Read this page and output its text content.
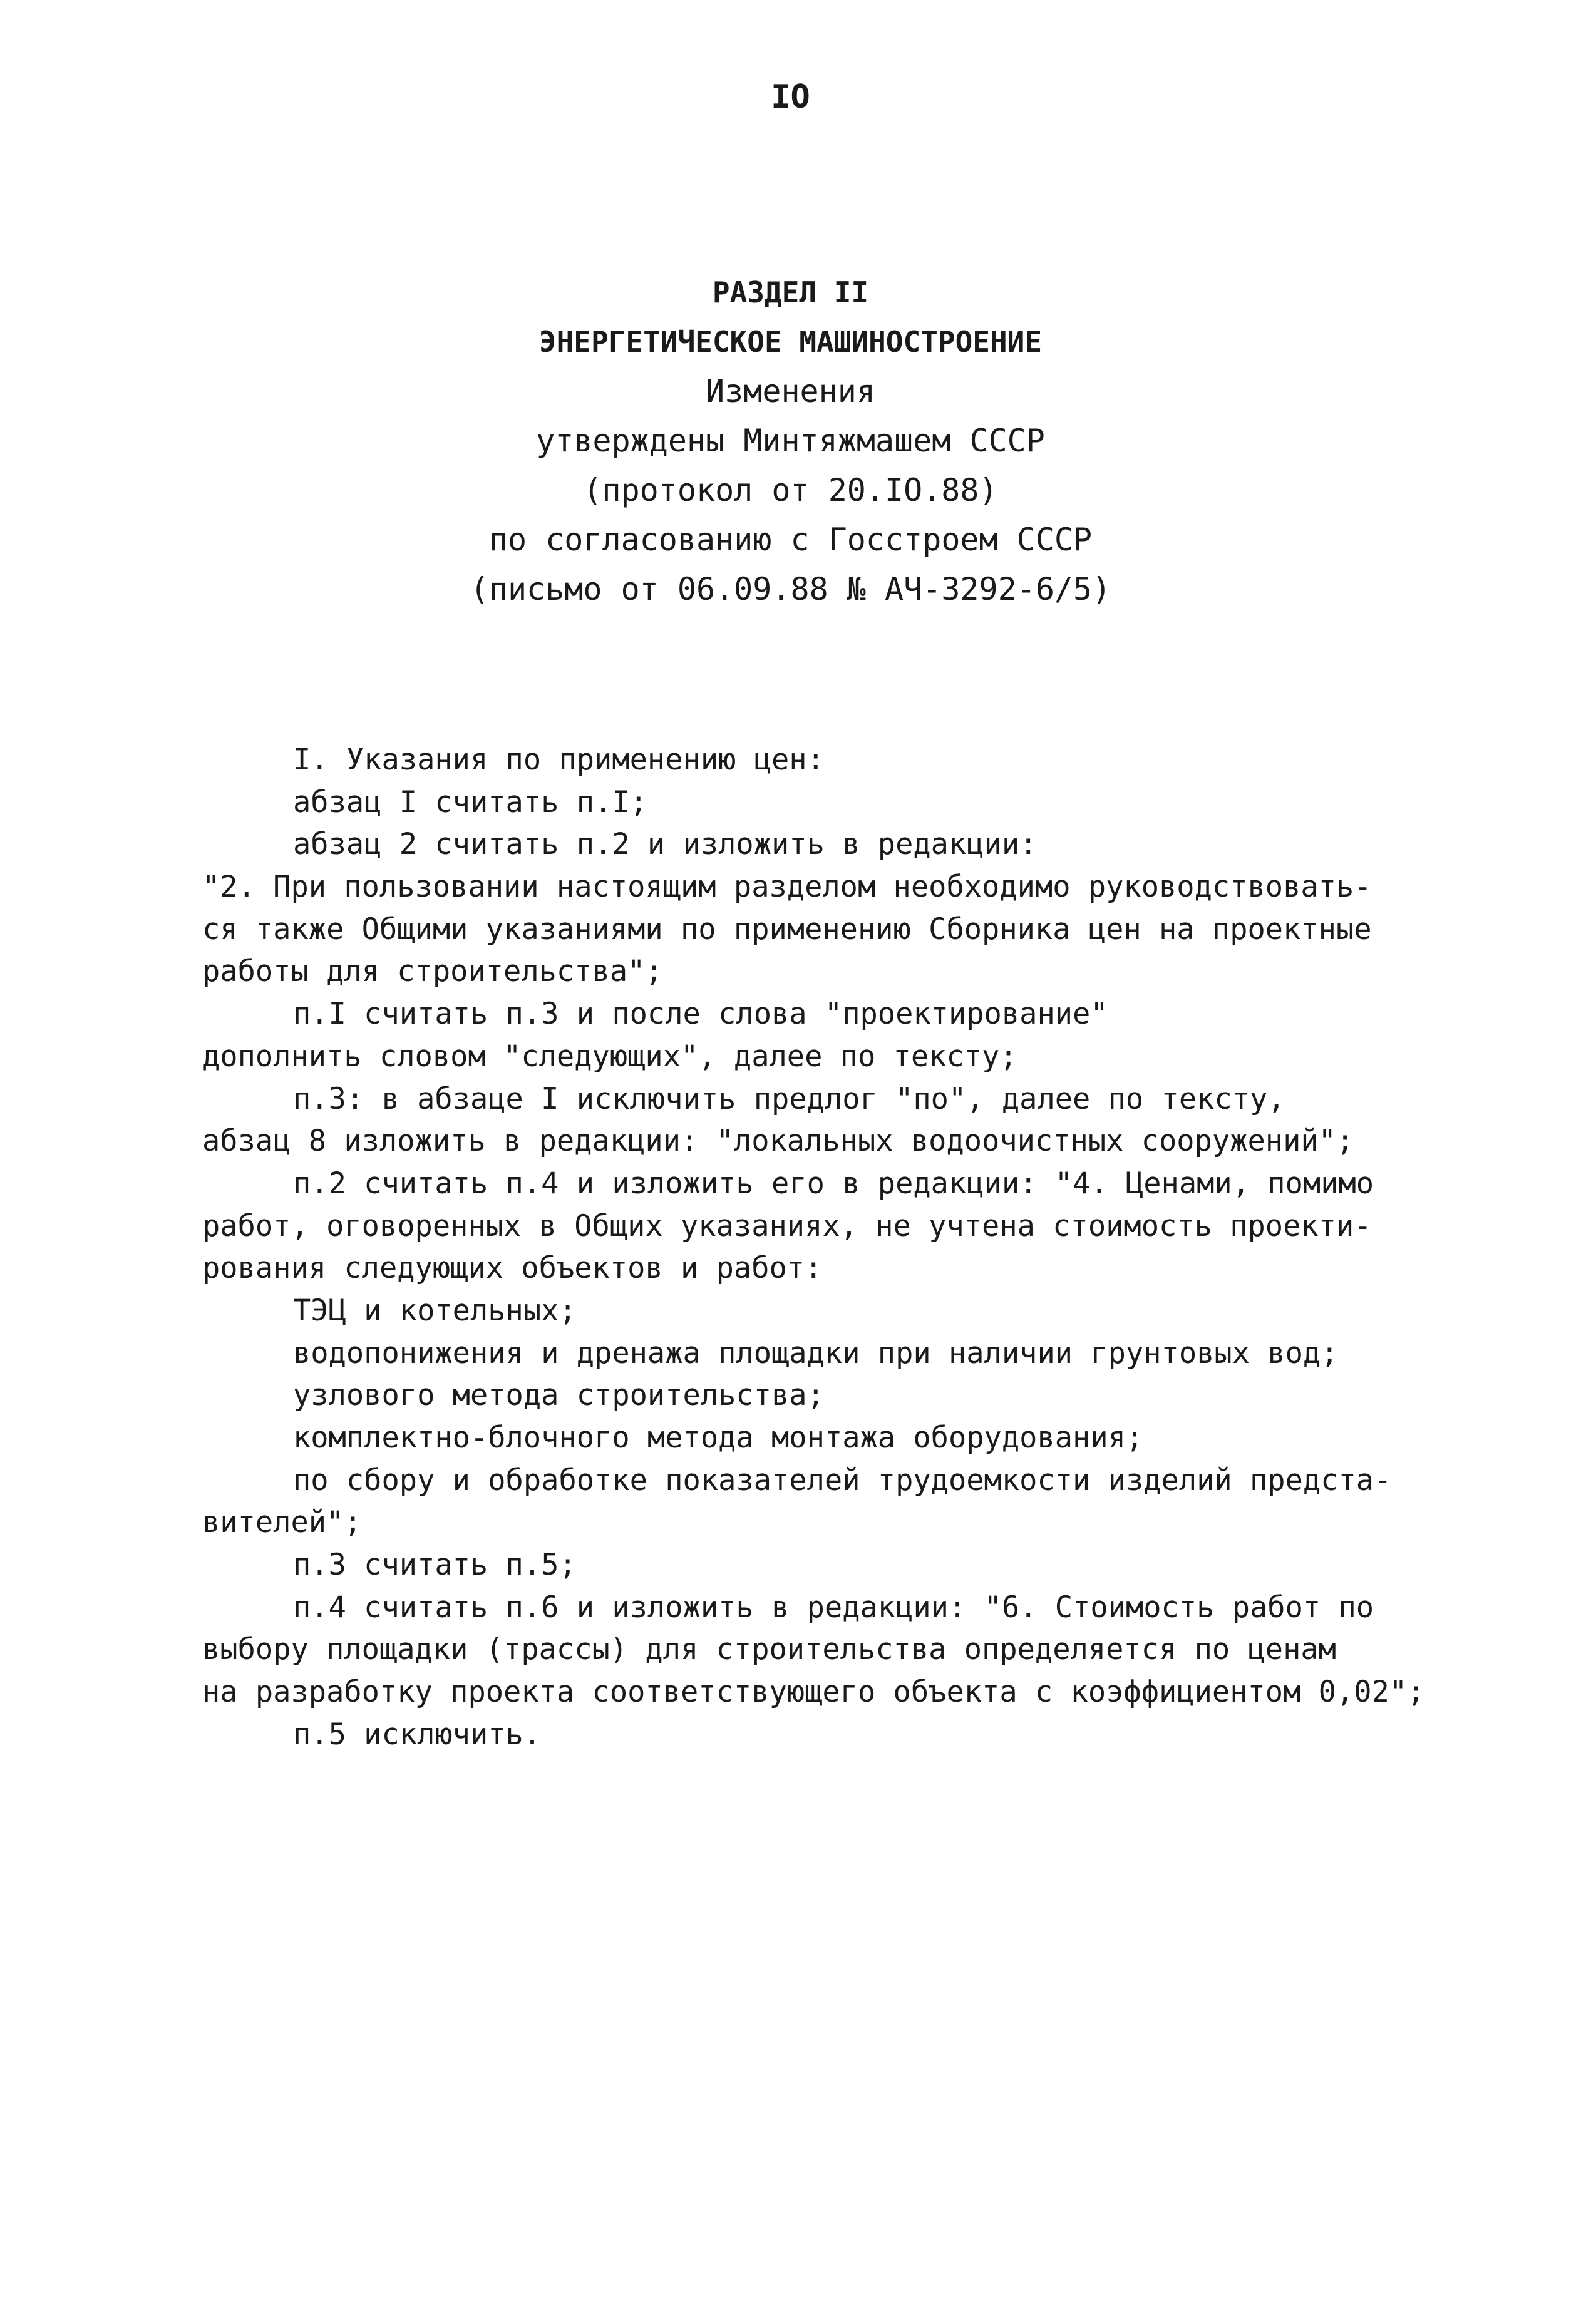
IO
РАЗДЕЛ II
ЭНЕРГЕТИЧЕСКОЕ МАШИНОСТРОЕНИЕ
Изменения
утверждены Минтяжмашем СССР
(протокол от 20.IO.88)
по согласованию с Госстроем СССР
(письмо от 06.09.88 № АЧ-3292-6/5)
I. Указания по применению цен:
абзац I считать п.I;
абзац 2 считать п.2 и изложить в редакции:
"2. При пользовании настоящим разделом необходимо руководствовать-
ся также Общими указаниями по применению Сборника цен на проектные
работы для строительства";
п.I считать п.3 и после слова "проектирование"
дополнить словом "следующих", далее по тексту;
п.3: в абзаце I исключить предлог "по", далее по тексту,
абзац 8 изложить в редакции: "локальных водоочистных сооружений";
п.2 считать п.4 и изложить его в редакции: "4. Ценами, помимо
работ, оговоренных в Общих указаниях, не учтена стоимость проекти-
рования следующих объектов и работ:
ТЭЦ и котельных;
водопонижения и дренажа площадки при наличии грунтовых вод;
узлового метода строительства;
комплектно-блочного метода монтажа оборудования;
по сбору и обработке показателей трудоемкости изделий предста-
вителей";
п.3 считать п.5;
п.4 считать п.6 и изложить в редакции: "6. Стоимость работ по
выбору площадки (трассы) для строительства определяется по ценам
на разработку проекта соответствующего объекта с коэффициентом 0,02";
п.5 исключить.
